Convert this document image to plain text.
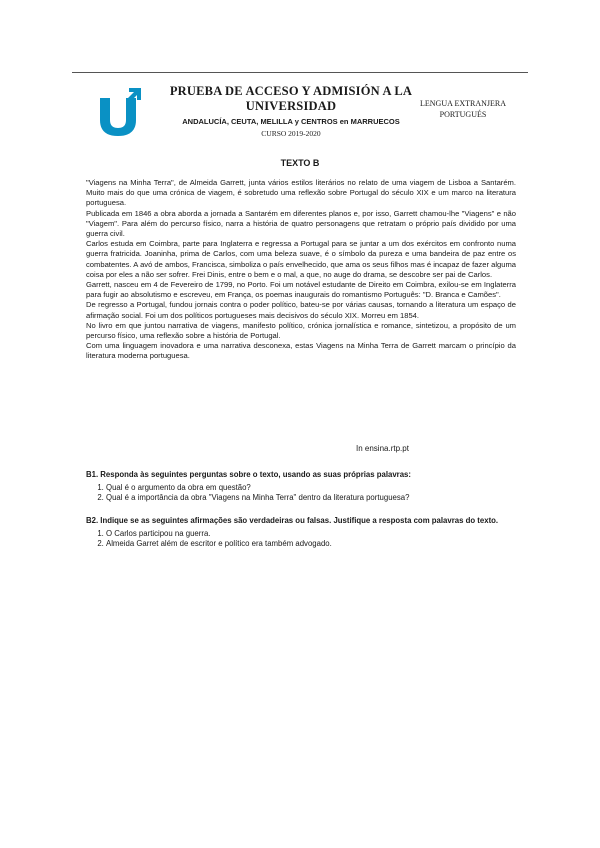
PRUEBA DE ACCESO Y ADMISIÓN A LA
UNIVERSIDAD
ANDALUCÍA, CEUTA, MELILLA y CENTROS en MARRUECOS
CURSO 2019-2020
LENGUA EXTRANJERA
PORTUGUÉS
TEXTO B

"Viagens na Minha Terra", de Almeida Garrett, junta vários estilos literários no relato de uma viagem de Lisboa a Santarém. Muito mais do que uma crónica de viagem, é sobretudo uma reflexão sobre Portugal do século XIX e um marco na literatura portuguesa.

Publicada em 1846 a obra aborda a jornada a Santarém em diferentes planos e, por isso, Garrett chamou-lhe "Viagens" e não "Viagem". Para além do percurso físico, narra a história de quatro personagens que retratam o próprio país dividido por uma guerra civil.

Carlos estuda em Coimbra, parte para Inglaterra e regressa a Portugal para se juntar a um dos exércitos em confronto numa guerra fratricida. Joaninha, prima de Carlos, com uma beleza suave, é o símbolo da pureza e uma bandeira de paz entre os combatentes. A avó de ambos, Francisca, simboliza o país envelhecido, que ama os seus filhos mas é incapaz de fazer alguma coisa por eles a não ser sofrer. Frei Dinis, entre o bem e o mal, a que, no auge do drama, se descobre ser pai de Carlos.

Garrett, nasceu em 4 de Fevereiro de 1799, no Porto. Foi um notável estudante de Direito em Coimbra, exilou-se em Inglaterra para fugir ao absolutismo e escreveu, em França, os poemas inaugurais do romantismo Português: "D. Branca e Camões".

De regresso a Portugal, fundou jornais contra o poder político, bateu-se por várias causas, tornando a literatura um espaço de afirmação social. Foi um dos políticos portugueses mais decisivos do século XIX. Morreu em 1854.

No livro em que juntou narrativa de viagens, manifesto político, crónica jornalística e romance, sintetizou, a propósito de um percurso físico, uma reflexão sobre a história de Portugal.

Com uma linguagem inovadora e uma narrativa desconexa, estas Viagens na Minha Terra de Garrett marcam o princípio da literatura moderna portuguesa.

In ensina.rtp.pt
B1. Responda às seguintes perguntas sobre o texto, usando as suas próprias palavras:
1. Qual é o argumento da obra em questão?
2. Qual é a importância da obra "Viagens na Minha Terra" dentro da literatura portuguesa?
B2. Indique se as seguintes afirmações são verdadeiras ou falsas. Justifique a resposta com palavras do texto.
1. O Carlos participou na guerra.
2. Almeida Garret além de escritor e político era também advogado.
